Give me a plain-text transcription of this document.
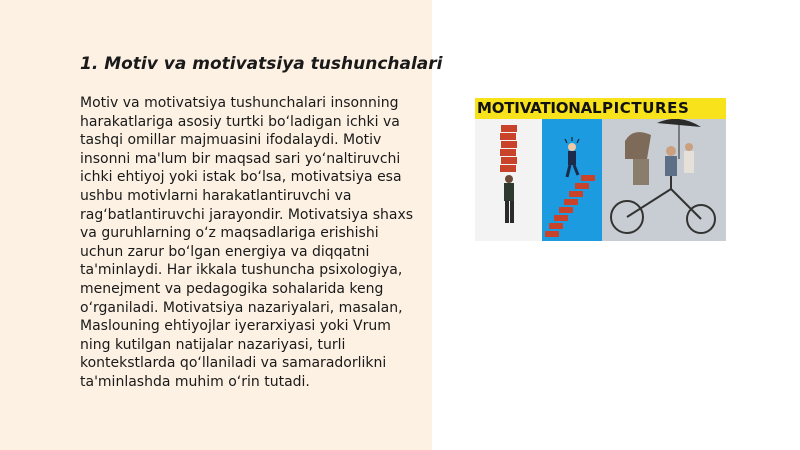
1. Motiv va motivatsiya tushunchalari

Motiv va motivatsiya tushunchalari insonning harakatlariga asosiy turtki bo‘ladigan ichki va tashqi omillar majmuasini ifodalaydi. Motiv insonni ma'lum bir maqsad sari yo‘naltiruvchi ichki ehtiyoj yoki istak bo‘lsa, motivatsiya esa ushbu motivlarni harakatlantiruvchi va rag‘batlantiruvchi jarayondir. Motivatsiya shaxs va guruhlarning o‘z maqsadlariga erishishi uchun zarur bo‘lgan energiya va diqqatni ta'minlaydi. Har ikkala tushuncha psixologiya, menejment va pedagogika sohalarida keng o‘rganiladi. Motivatsiya nazariyalari, masalan, Maslouning ehtiyojlar iyerarxiyasi yoki Vrum ning kutilgan natijalar nazariyasi, turli kontekstlarda qo‘llaniladi va samaradorlikni ta'minlashda muhim o‘rin tutadi.

MOTIVATIONAL PICTURES
